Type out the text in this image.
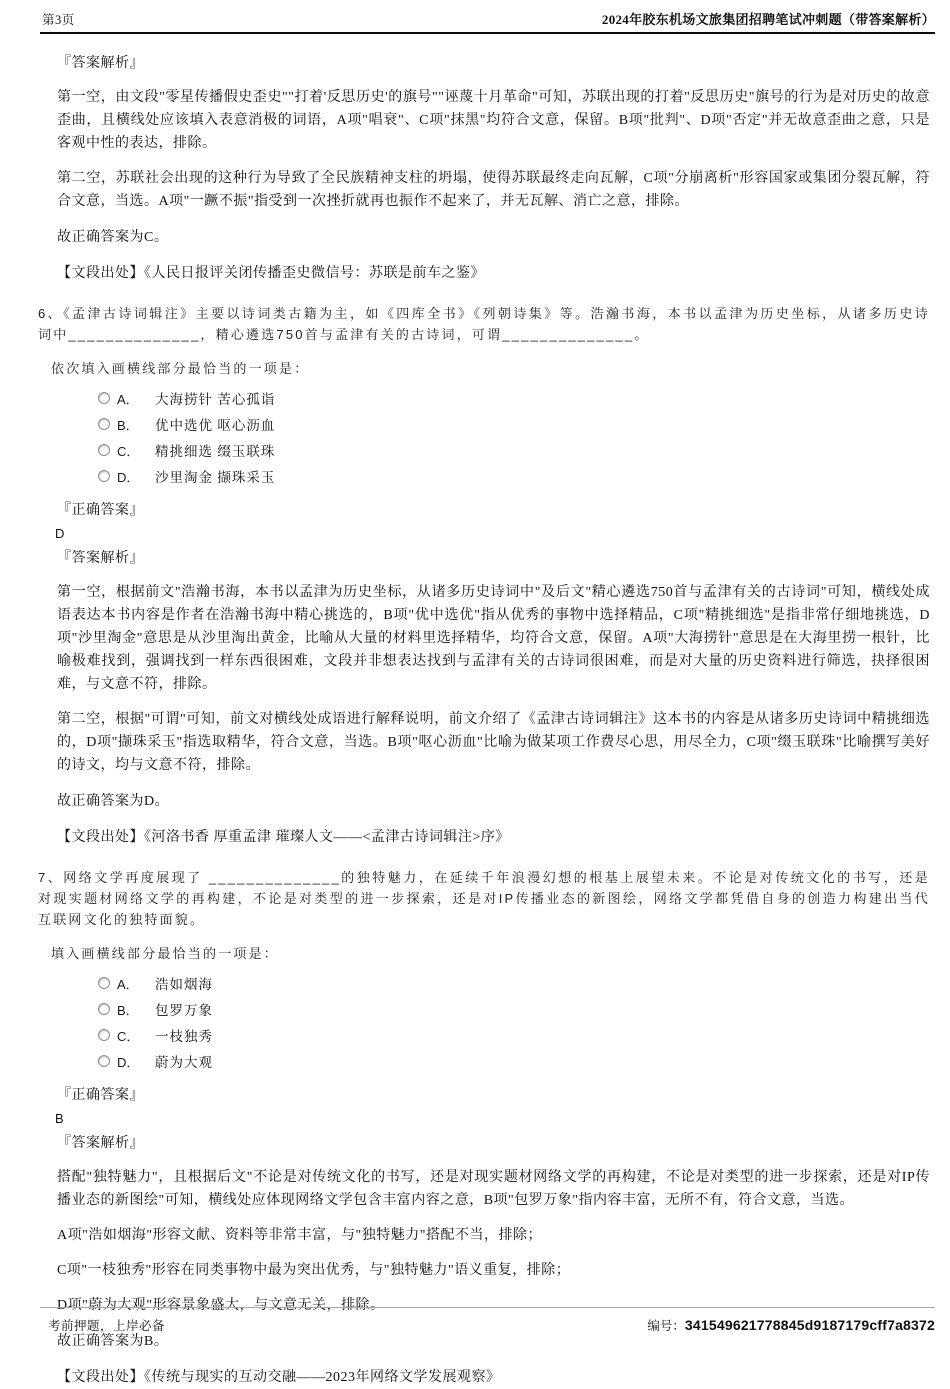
第3页	2024年胶东机场文旅集团招聘笔试冲刺题（带答案解析）
『答案解析』

第一空，由文段"零星传播假史歪史""打着'反思历史'的旗号""诬蔑十月革命"可知，苏联出现的打着"反思历史"旗号的行为是对历史的故意歪曲，且横线处应该填入表意消极的词语，A项"唱衰"、C项"抹黑"均符合文意，保留。B项"批判"、D项"否定"并无故意歪曲之意，只是客观中性的表达，排除。

第二空，苏联社会出现的这种行为导致了全民族精神支柱的坍塌，使得苏联最终走向瓦解，C项"分崩离析"形容国家或集团分裂瓦解，符合文意，当选。A项"一蹶不振"指受到一次挫折就再也振作不起来了，并无瓦解、消亡之意，排除。

故正确答案为C。

【文段出处】《人民日报评关闭传播歪史微信号：苏联是前车之鉴》

6、《孟津古诗词辑注》主要以诗词类古籍为主，如《四库全书》《列朝诗集》等。浩瀚书海，本书以孟津为历史坐标，从诸多历史诗词中______________，精心遴选750首与孟津有关的古诗词，可谓______________。

依次填入画横线部分最恰当的一项是：

A．	大海捞针 苦心孤诣
B．	优中选优 呕心沥血
C． 精挑细选 缀玉联珠
D． 沙里淘金 撷珠采玉
『正确答案』
D
『答案解析』

第一空，根据前文"浩瀚书海，本书以孟津为历史坐标，从诸多历史诗词中"及后文"精心遴选750首与孟津有关的古诗词"可知，横线处成语表达本书内容是作者在浩瀚书海中精心挑选的，B项"优中选优"指从优秀的事物中选择精品，C项"精挑细选"是指非常仔细地挑选，D项"沙里淘金"意思是从沙里淘出黄金，比喻从大量的材料里选择精华，均符合文意，保留。A项"大海捞针"意思是在大海里捞一根针，比喻极难找到，强调找到一样东西很困难，文段并非想表达找到与孟津有关的古诗词很困难，而是对大量的历史资料进行筛选，抉择很困难，与文意不符，排除。

第二空，根据"可谓"可知，前文对横线处成语进行解释说明，前文介绍了《孟津古诗词辑注》这本书的内容是从诸多历史诗词中精挑细选的，D项"撷珠采玉"指选取精华，符合文意，当选。B项"呕心沥血"比喻为做某项工作费尽心思，用尽全力，C项"缀玉联珠"比喻撰写美好的诗文，均与文意不符，排除。

故正确答案为D。

【文段出处】《河洛书香 厚重孟津 璀璨人文——<孟津古诗词辑注>序》

7、网络文学再度展现了 ______________的独特魅力，在延续千年浪漫幻想的根基上展望未来。不论是对传统文化的书写，还是对现实题材网络文学的再构建，不论是对类型的进一步探索，还是对IP传播业态的新图绘，网络文学都凭借自身的创造力构建出当代互联网文化的独特面貌。

填入画横线部分最恰当的一项是：

A．	浩如烟海
B．	包罗万象
C． 一枝独秀
D． 蔚为大观
『正确答案』
B
『答案解析』

搭配"独特魅力"，且根据后文"不论是对传统文化的书写，还是对现实题材网络文学的再构建，不论是对类型的进一步探索，还是对IP传播业态的新图绘"可知，横线处应体现网络文学包含丰富内容之意，B项"包罗万象"指内容丰富，无所不有，符合文意，当选。

A项"浩如烟海"形容文献、资料等非常丰富，与"独特魅力"搭配不当，排除；

C项"一枝独秀"形容在同类事物中最为突出优秀，与"独特魅力"语义重复，排除；

D项"蔚为大观"形容景象盛大，与文意无关，排除。

故正确答案为B。

【文段出处】《传统与现实的互动交融——2023年网络文学发展观察》

考前押题，上岸必备	编号：341549621778845d9187179cff7a8372
